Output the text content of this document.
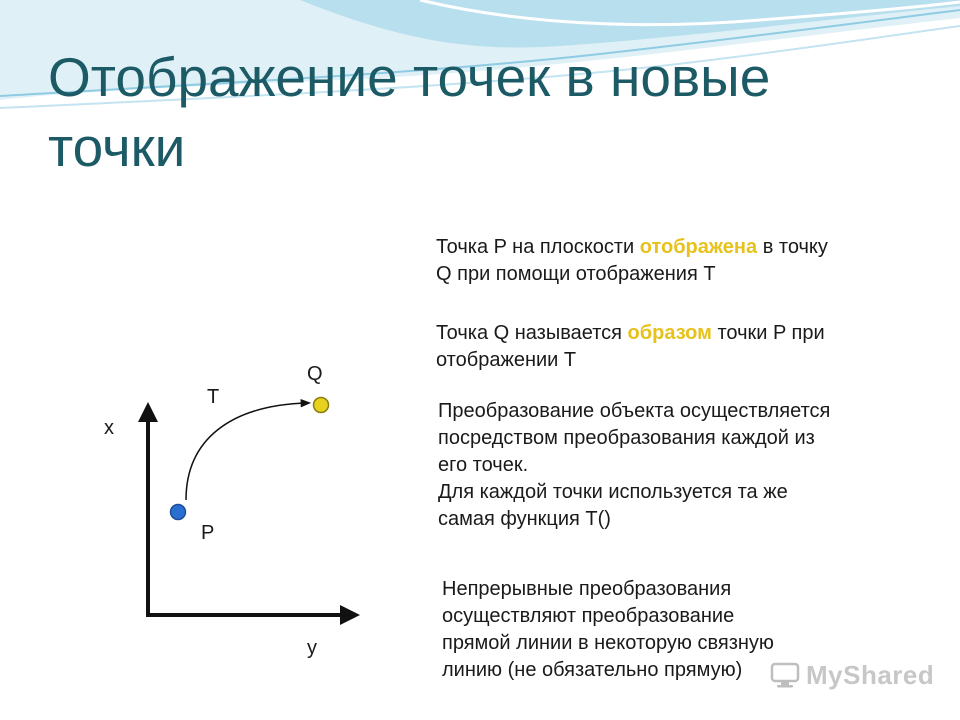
Отображение точек в новые точки
x
y
T
P
Q
Точка P на плоскости отображена в точку
Q при помощи отображения T
Точка Q называется образом точки P при
отображении T
Преобразование объекта осуществляется
посредством преобразования каждой из
его точек.
Для каждой точки используется та же
самая функция T()
Непрерывные преобразования
осуществляют преобразование
прямой линии в некоторую связную
линию (не обязательно прямую)	MyShared
